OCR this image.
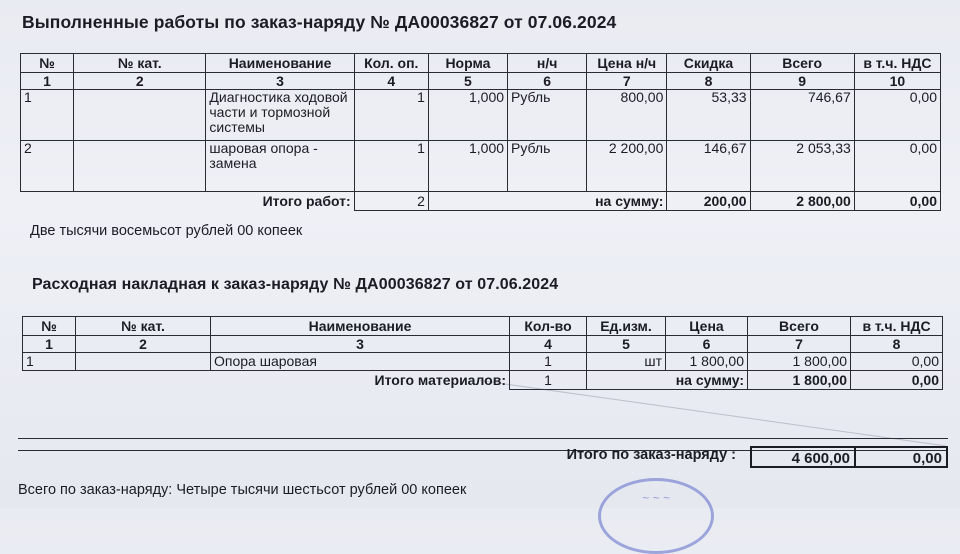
Выполненные работы по заказ-наряду № ДА00036827 от 07.06.2024
№	№ кат.	Наименование	Кол. оп.	Норма	н/ч	Цена н/ч	Скидка	Всего	в т.ч. НДС
1	2	3	4	5	6	7	8	9	10
1		Диагностика ходовой части и тормозной системы	1	1,000	Рубль	800,00	53,33	746,67	0,00
2		шаровая опора - замена	1	1,000	Рубль	2 200,00	146,67	2 053,33	0,00
		Итого работ:	2	на сумму:			200,00	2 800,00	0,00
Две тысячи восемьсот рублей 00 копеек
Расходная накладная к заказ-наряду № ДА00036827 от 07.06.2024
№	№ кат.	Наименование	Кол-во	Ед.изм.	Цена	Всего	в т.ч. НДС
1	2	3	4	5	6	7	8
1		Опора шаровая	1	шт	1 800,00	1 800,00	0,00
		Итого материалов:	1	на сумму:		1 800,00	0,00
Итого по заказ-наряду :	4 600,00	0,00
Всего по заказ-наряду: Четыре тысячи шестьсот рублей 00 копеек	~ ~ ~
